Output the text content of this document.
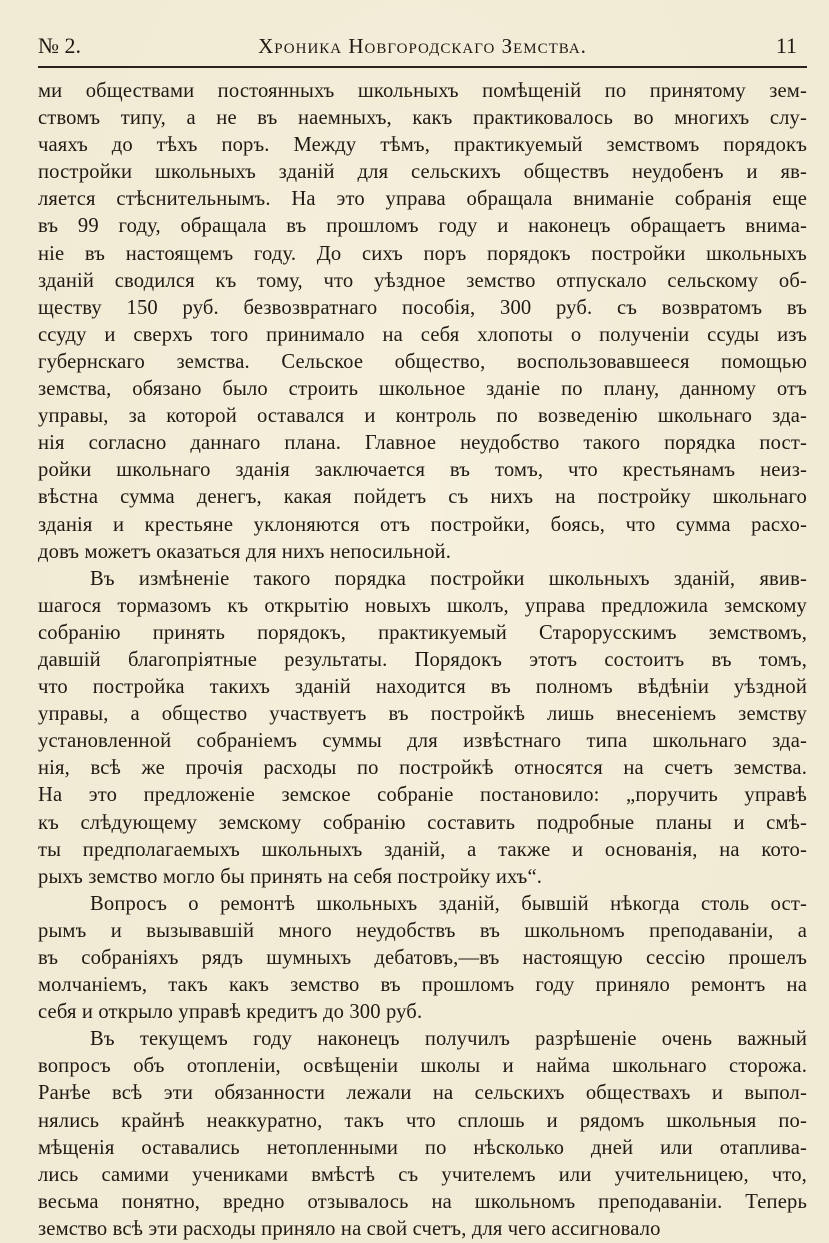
№ 2.	Хроника Новгородскаго Земства.	11

ми обществами постоянныхъ школьныхъ помѣщеній по принятому зем-
ствомъ типу, а не въ наемныхъ, какъ практиковалось во многихъ слу-
чаяхъ до тѣхъ поръ. Между тѣмъ, практикуемый земствомъ порядокъ
постройки школьныхъ зданій для сельскихъ обществъ неудобенъ и яв-
ляется стѣснительнымъ. На это управа обращала вниманіе собранія еще
въ 99 году, обращала въ прошломъ году и наконецъ обращаетъ внима-
ніе въ настоящемъ году. До сихъ поръ порядокъ постройки школьныхъ
зданій сводился къ тому, что уѣздное земство отпускало сельскому об-
ществу 150 руб. безвозвратнаго пособія, 300 руб. съ возвратомъ въ
ссуду и сверхъ того принимало на себя хлопоты о полученіи ссуды изъ
губернскаго земства. Сельское общество, воспользовавшееся помощью
земства, обязано было строить школьное зданіе по плану, данному отъ
управы, за которой оставался и контроль по возведенію школьнаго зда-
нія согласно даннаго плана. Главное неудобство такого порядка пост-
ройки школьнаго зданія заключается въ томъ, что крестьянамъ неиз-
вѣстна сумма денегъ, какая пойдетъ съ нихъ на постройку школьнаго
зданія и крестьяне уклоняются отъ постройки, боясь, что сумма расхо-
довъ можетъ оказаться для нихъ непосильной.

Въ измѣненіе такого порядка постройки школьныхъ зданій, явив-
шагося тормазомъ къ открытію новыхъ школъ, управа предложила земскому
собранію принять порядокъ, практикуемый Старорусскимъ земствомъ,
давшій благопріятные результаты. Порядокъ этотъ состоитъ въ томъ,
что постройка такихъ зданій находится въ полномъ вѣдѣніи уѣздной
управы, а общество участвуетъ въ постройкѣ лишь внесеніемъ земству
установленной собраніемъ суммы для извѣстнаго типа школьнаго зда-
нія, всѣ же прочія расходы по постройкѣ относятся на счетъ земства.
На это предложеніе земское собраніе постановило: „поручить управѣ
къ слѣдующему земскому собранію составить подробные планы и смѣ-
ты предполагаемыхъ школьныхъ зданій, а также и основанія, на кото-
рыхъ земство могло бы принять на себя постройку ихъ“.

Вопросъ о ремонтѣ школьныхъ зданій, бывшій нѣкогда столь ост-
рымъ и вызывавшій много неудобствъ въ школьномъ преподаваніи, а
въ собраніяхъ рядъ шумныхъ дебатовъ,—въ настоящую сессію прошелъ
молчаніемъ, такъ какъ земство въ прошломъ году приняло ремонтъ на
себя и открыло управѣ кредитъ до 300 руб.

Въ текущемъ году наконецъ получилъ разрѣшеніе очень важный
вопросъ объ отопленіи, освѣщеніи школы и найма школьнаго сторожа.
Ранѣе всѣ эти обязанности лежали на сельскихъ обществахъ и выпол-
нялись крайнѣ неаккуратно, такъ что сплошь и рядомъ школьныя по-
мѣщенія оставались нетопленными по нѣсколько дней или отаплива-
лись самими учениками вмѣстѣ съ учителемъ или учительницею, что,
весьма понятно, вредно отзывалось на школьномъ преподаваніи. Теперь
земство всѣ эти расходы приняло на свой счетъ, для чего ассигновало
